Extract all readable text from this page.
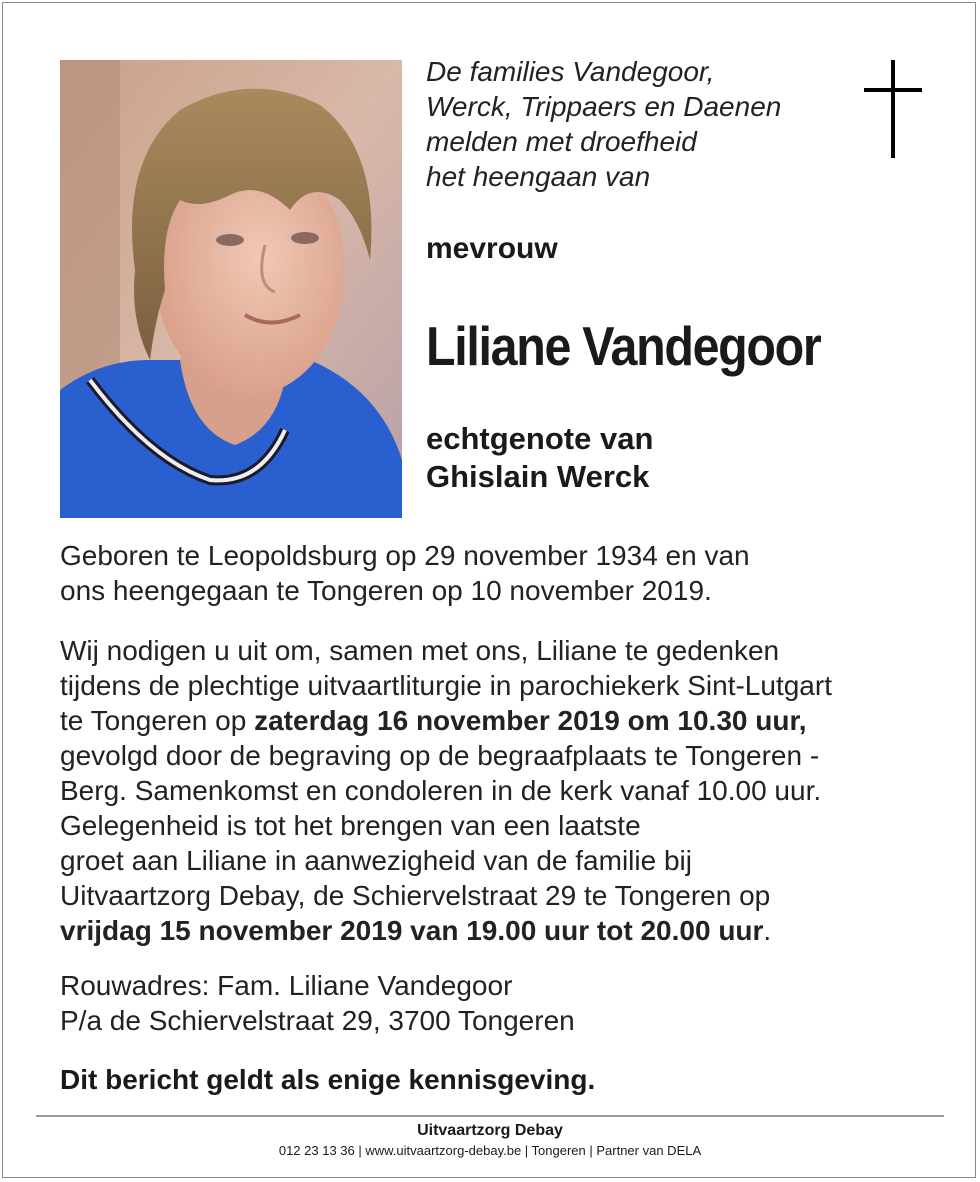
De families Vandegoor,
Werck, Trippaers en Daenen
melden met droefheid
het heengaan van
mevrouw
Liliane Vandegoor
echtgenote van
Ghislain Werck
Geboren te Leopoldsburg op 29 november 1934 en van
ons heengegaan te Tongeren op 10 november 2019.
Wij nodigen u uit om, samen met ons, Liliane te gedenken
tijdens de plechtige uitvaartliturgie in parochiekerk Sint-Lutgart
te Tongeren op zaterdag 16 november 2019 om 10.30 uur,
gevolgd door de begraving op de begraafplaats te Tongeren -
Berg. Samenkomst en condoleren in de kerk vanaf 10.00 uur.
Gelegenheid is tot het brengen van een laatste
groet aan Liliane in aanwezigheid van de familie bij
Uitvaartzorg Debay, de Schiervelstraat 29 te Tongeren op
vrijdag 15 november 2019 van 19.00 uur tot 20.00 uur.
Rouwadres: Fam. Liliane Vandegoor
P/a de Schiervelstraat 29, 3700 Tongeren
Dit bericht geldt als enige kennisgeving.
Uitvaartzorg Debay
012 23 13 36 | www.uitvaartzorg-debay.be | Tongeren | Partner van DELA
